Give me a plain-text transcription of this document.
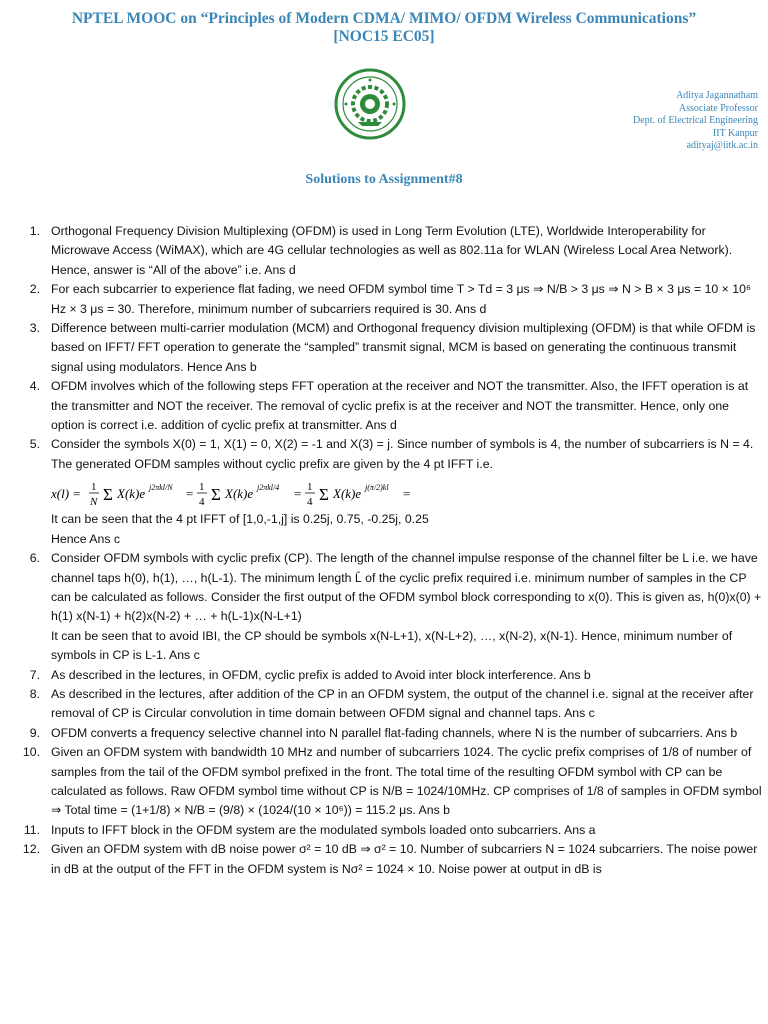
NPTEL MOOC on “Principles of Modern CDMA/ MIMO/ OFDM Wireless Communications”
[NOC15 EC05]
Aditya Jagannatham
Associate Professor
Dept. of Electrical Engineering
IIT Kanpur
adityaj@iitk.ac.in
Solutions to Assignment#8
1. Orthogonal Frequency Division Multiplexing (OFDM) is used in Long Term Evolution (LTE), Worldwide Interoperability for Microwave Access (WiMAX), which are 4G cellular technologies as well as 802.11a for WLAN (Wireless Local Area Network). Hence, answer is “All of the above” i.e. Ans d

2. For each subcarrier to experience flat fading, we need OFDM symbol time T > Td = 3 μs ⇒ N/B > 3 μs ⇒ N > B × 3 μs = 10 × 10⁶ Hz × 3 μs = 30. Therefore, minimum number of subcarriers required is 30. Ans d

3. Difference between multi-carrier modulation (MCM) and Orthogonal frequency division multiplexing (OFDM) is that while OFDM is based on IFFT/ FFT operation to generate the “sampled” transmit signal, MCM is based on generating the continuous transmit signal using modulators. Hence Ans b

4. OFDM involves which of the following steps FFT operation at the receiver and NOT the transmitter. Also, the IFFT operation is at the transmitter and NOT the receiver. The removal of cyclic prefix is at the receiver and NOT the transmitter. Hence, only one option is correct i.e. addition of cyclic prefix at transmitter. Ans d

5. Consider the symbols X(0) = 1, X(1) = 0, X(2) = -1 and X(3) = j. Since number of symbols is 4, the number of subcarriers is N = 4. The generated OFDM samples without cyclic prefix are given by the 4 pt IFFT i.e.

x(l) = 1
N Σ X(k)e j2πkl/N = 1
4 Σ X(k)e j2πkl/4 = 1
4 Σ X(k)e j(π/2)kl =

It can be seen that the 4 pt IFFT of [1,0,-1,j] is 0.25j, 0.75, -0.25j, 0.25

Hence Ans c

6. Consider OFDM symbols with cyclic prefix (CP). The length of the channel impulse response of the channel filter be L i.e. we have channel taps h(0), h(1), …, h(L-1). The minimum length L̄ of the cyclic prefix required i.e. minimum number of samples in the CP can be calculated as follows. Consider the first output of the OFDM symbol block corresponding to x(0). This is given as, h(0)x(0) + h(1) x(N-1) + h(2)x(N-2) + … + h(L-1)x(N-L+1)

It can be seen that to avoid IBI, the CP should be symbols x(N-L+1), x(N-L+2), …, x(N-2), x(N-1). Hence, minimum number of symbols in CP is L-1. Ans c

7. As described in the lectures, in OFDM, cyclic prefix is added to Avoid inter block interference. Ans b

8. As described in the lectures, after addition of the CP in an OFDM system, the output of the channel i.e. signal at the receiver after removal of CP is Circular convolution in time domain between OFDM signal and channel taps. Ans c

9. OFDM converts a frequency selective channel into N parallel flat-fading channels, where N is the number of subcarriers. Ans b

10. Given an OFDM system with bandwidth 10 MHz and number of subcarriers 1024. The cyclic prefix comprises of 1/8 of number of samples from the tail of the OFDM symbol prefixed in the front. The total time of the resulting OFDM symbol with CP can be calculated as follows. Raw OFDM symbol time without CP is N/B = 1024/10MHz. CP comprises of 1/8 of samples in OFDM symbol ⇒ Total time = (1+1/8) × N/B = (9/8) × (1024/(10 × 10⁶)) = 115.2 μs. Ans b

11. Inputs to IFFT block in the OFDM system are the modulated symbols loaded onto subcarriers. Ans a

12. Given an OFDM system with dB noise power σ² = 10 dB ⇒ σ² = 10. Number of subcarriers N = 1024 subcarriers. The noise power in dB at the output of the FFT in the OFDM system is Nσ² = 1024 × 10. Noise power at output in dB is
